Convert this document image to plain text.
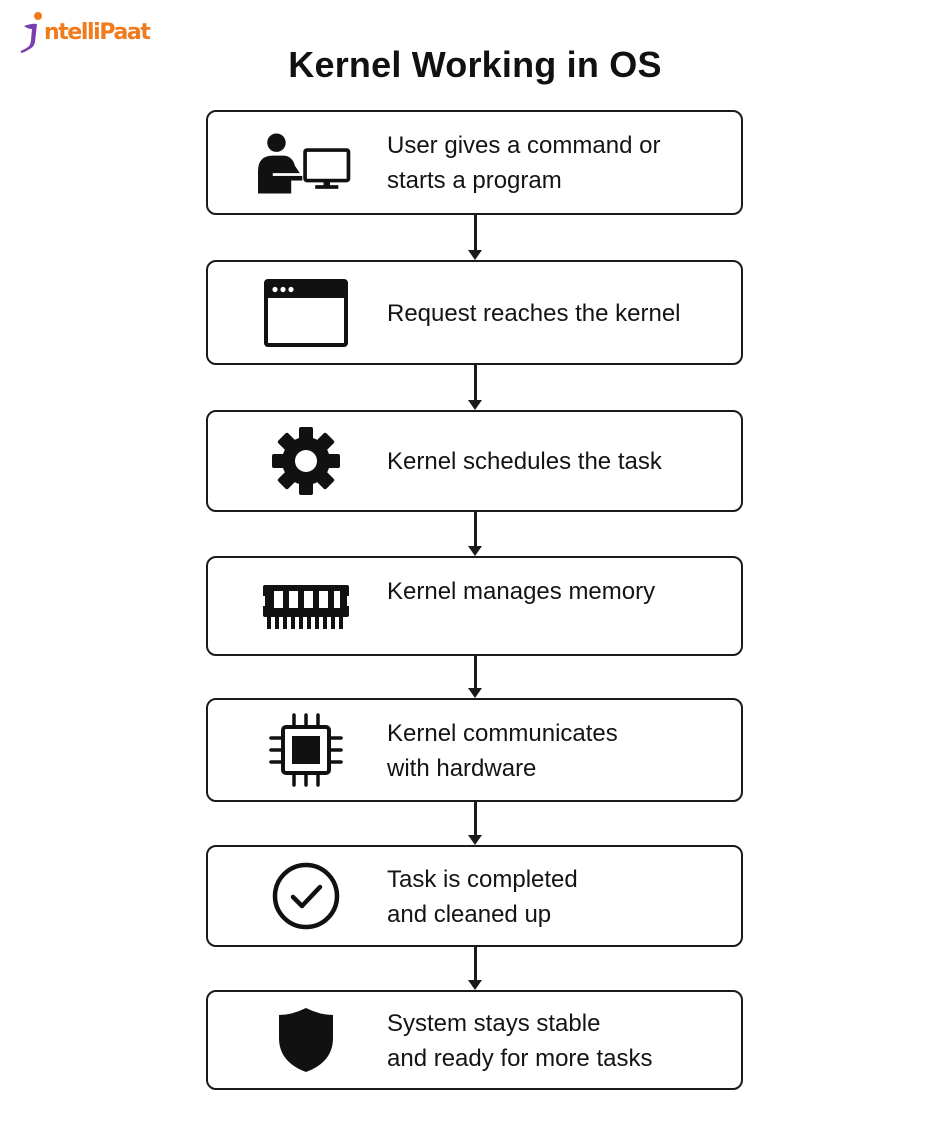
ntelliPaat
Kernel Working in OS
User gives a command or
starts a program
Request reaches the kernel
Kernel schedules the task
Kernel manages memory
Kernel communicates
with hardware
Task is completed
and cleaned up
System stays stable
and ready for more tasks
